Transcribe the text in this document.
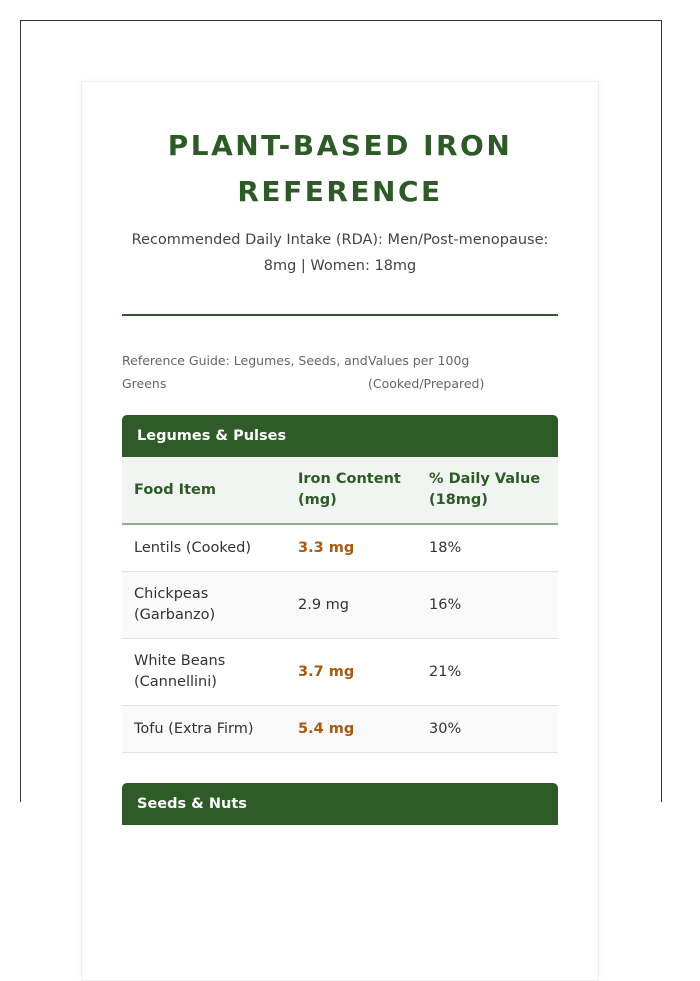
PLANT-BASED IRON REFERENCE

Recommended Daily Intake (RDA): Men/Post-menopause: 8mg | Women: 18mg

Reference Guide: Legumes, Seeds, and Greens
Values per 100g (Cooked/Prepared)
Legumes & Pulses
Food Item	Iron Content (mg)	% Daily Value (18mg)
Lentils (Cooked)	3.3 mg	18%
Chickpeas (Garbanzo)	2.9 mg	16%
White Beans (Cannellini)	3.7 mg	21%
Tofu (Extra Firm)	5.4 mg	30%
Seeds & Nuts
